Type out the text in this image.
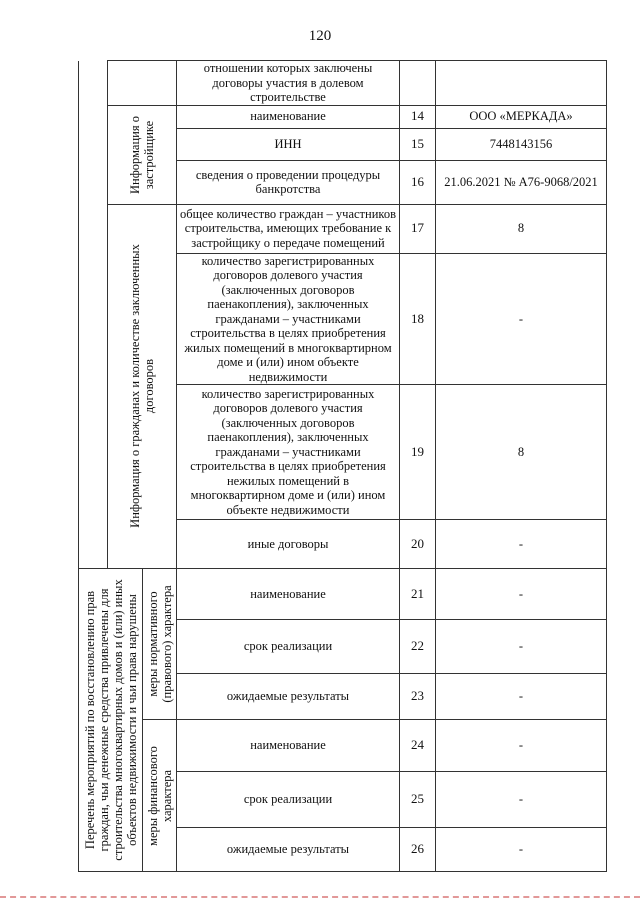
120
			отношении которых заключены договоры участия в долевом строительстве		

	Информация о застройщике		наименование	14	ООО «МЕРКАДА»
			ИНН	15	7448143156
			сведения о проведении процедуры банкротства	16	21.06.2021 № А76-9068/2021

	Информация о гражданах и количестве заключенных договоров		общее количество граждан – участников строительства, имеющих требование к застройщику о передаче помещений	17	8
			количество зарегистрированных договоров долевого участия (заключенных договоров паенакопления), заключенных гражданами – участниками строительства в целях приобретения жилых помещений в многоквартирном доме и (или) ином объекте недвижимости	18	-
			количество зарегистрированных договоров долевого участия (заключенных договоров паенакопления), заключенных гражданами – участниками строительства в целях приобретения нежилых помещений в многоквартирном доме и (или) ином объекте недвижимости	19	8
			иные договоры	20	-

Перечень мероприятий по восстановлению прав граждан, чьи денежные средства привлечены для строительства многоквартирных домов и (или) иных объектов недвижимости и чьи права нарушены		меры нормативного (правового) характера	наименование	21	-
			срок реализации	22	-
			ожидаемые результаты	23	-

		меры финансового характера	наименование	24	-
			срок реализации	25	-
			ожидаемые результаты	26	-
